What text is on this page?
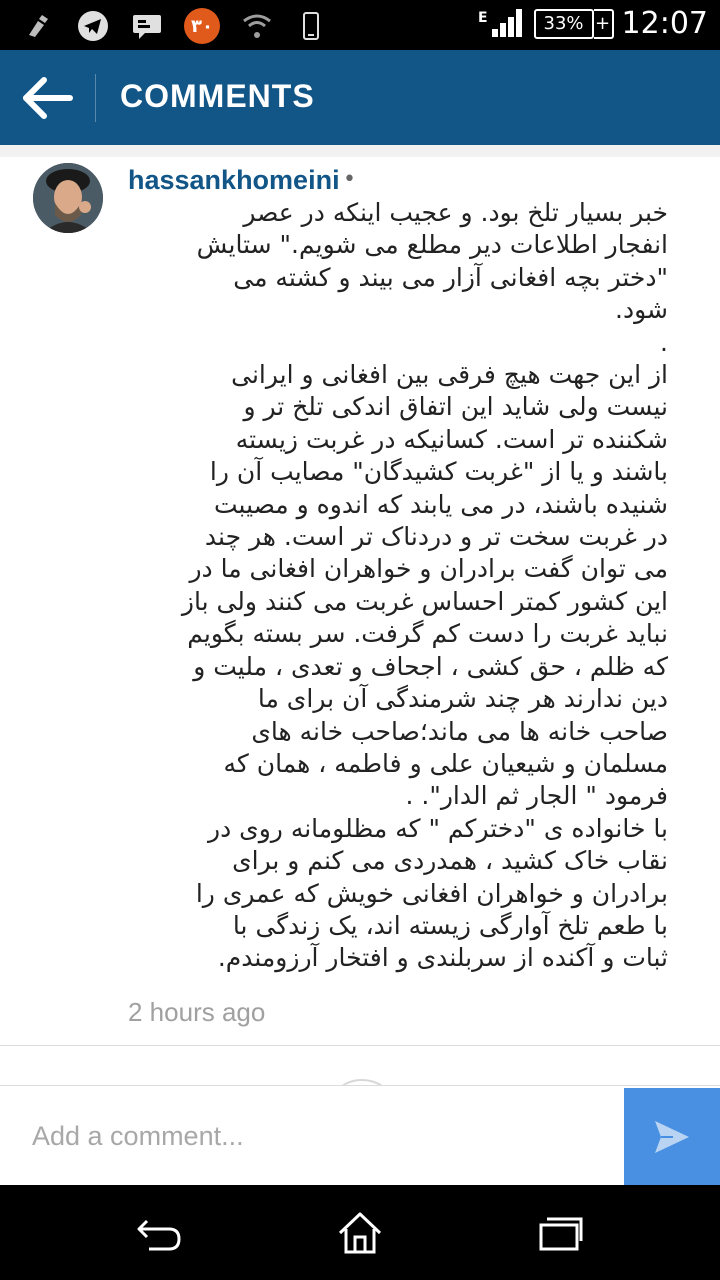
۳۰	E	33% + 12:07
COMMENTS
hassankhomeini •
خبر بسیار تلخ بود. و عجیب اینکه در عصر
انفجار اطلاعات دیر مطلع می شویم." ستایش
"دختر بچه افغانی آزار می بیند و کشته می
شود.
.
از این جهت هیچ فرقی بین افغانی و ایرانی
نیست ولی شاید این اتفاق اندکی تلخ تر و
شکننده تر است. کسانیکه در غربت زیسته
باشند و یا از "غربت کشیدگان" مصایب آن را
شنیده باشند، در می یابند که اندوه و مصیبت
در غربت سخت تر و دردناک تر است. هر چند
می توان گفت برادران و خواهران افغانی ما در
این کشور کمتر احساس غربت می کنند ولی باز
نباید غربت را دست کم گرفت. سر بسته بگویم
که ظلم ، حق کشی ، اجحاف و تعدی ، ملیت و
دین ندارند هر چند شرمندگی آن برای ما
صاحب خانه ها می ماند؛صاحب خانه های
مسلمان و شیعیان علی و فاطمه ، همان که
فرمود " الجار ثم الدار". .
با خانواده ی "دخترکم " که مظلومانه روی در
نقاب خاک کشید ، همدردی می کنم و برای
برادران و خواهران افغانی خویش که عمری را
با طعم تلخ آوارگی زیسته اند، یک زندگی با
ثبات و آکنده از سربلندی و افتخار آرزومندم.
2 hours ago
Add a comment...
